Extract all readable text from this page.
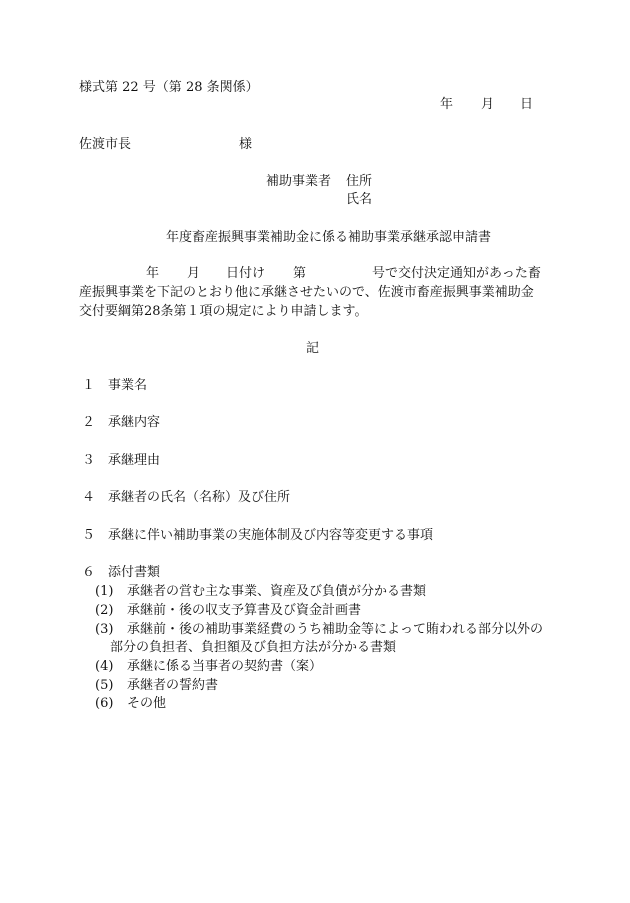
様式第 22 号（第 28 条関係）
年 月 日
佐渡市長	様
補助事業者 住所
氏名
年度畜産振興事業補助金に係る補助事業承継承認申請書
年 月 日付け 第	号で交付決定通知があった畜
産振興事業を下記のとおり他に承継させたいので、佐渡市畜産振興事業補助金
交付要綱第28条第１項の規定により申請します。
記
１ 事業名
２ 承継内容
３ 承継理由
４ 承継者の氏名（名称）及び住所
５ 承継に伴い補助事業の実施体制及び内容等変更する事項
６ 添付書類
(1) 承継者の営む主な事業、資産及び負債が分かる書類
(2) 承継前・後の収支予算書及び資金計画書
(3) 承継前・後の補助事業経費のうち補助金等によって賄われる部分以外の
部分の負担者、負担額及び負担方法が分かる書類
(4) 承継に係る当事者の契約書（案）
(5) 承継者の誓約書
(6) その他
